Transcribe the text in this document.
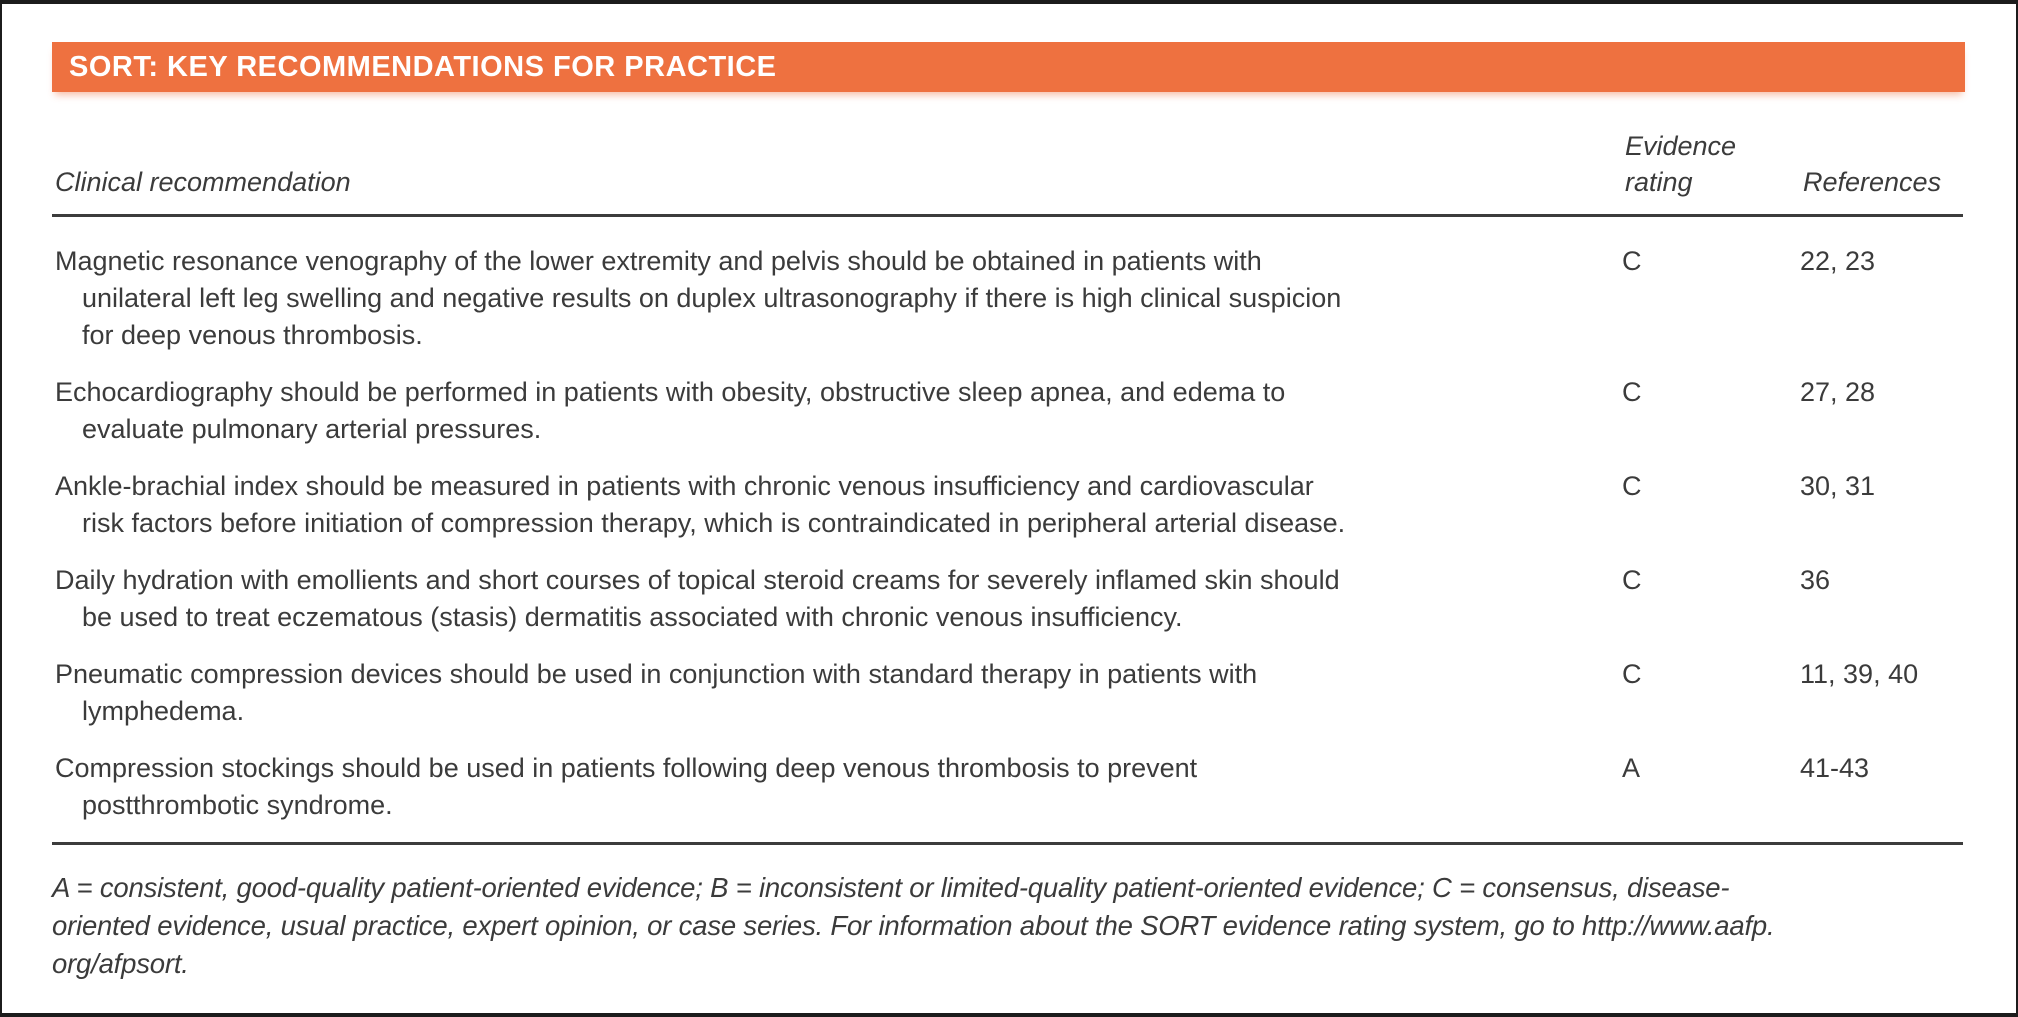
SORT: KEY RECOMMENDATIONS FOR PRACTICE
Clinical recommendation
Evidence rating	References
Magnetic resonance venography of the lower extremity and pelvis should be obtained in patients with
unilateral left leg swelling and negative results on duplex ultrasonography if there is high clinical suspicion
for deep venous thrombosis.
C	22, 23
Echocardiography should be performed in patients with obesity, obstructive sleep apnea, and edema to
evaluate pulmonary arterial pressures.
C	27, 28
Ankle-brachial index should be measured in patients with chronic venous insufficiency and cardiovascular
risk factors before initiation of compression therapy, which is contraindicated in peripheral arterial disease.
C	30, 31
Daily hydration with emollients and short courses of topical steroid creams for severely inflamed skin should
be used to treat eczematous (stasis) dermatitis associated with chronic venous insufficiency.
C	36
Pneumatic compression devices should be used in conjunction with standard therapy in patients with
lymphedema.
C	11, 39, 40
Compression stockings should be used in patients following deep venous thrombosis to prevent
postthrombotic syndrome.
A	41-43
A = consistent, good-quality patient-oriented evidence; B = inconsistent or limited-quality patient-oriented evidence; C = consensus, disease-
oriented evidence, usual practice, expert opinion, or case series. For information about the SORT evidence rating system, go to http://www.aafp.
org/afpsort.
